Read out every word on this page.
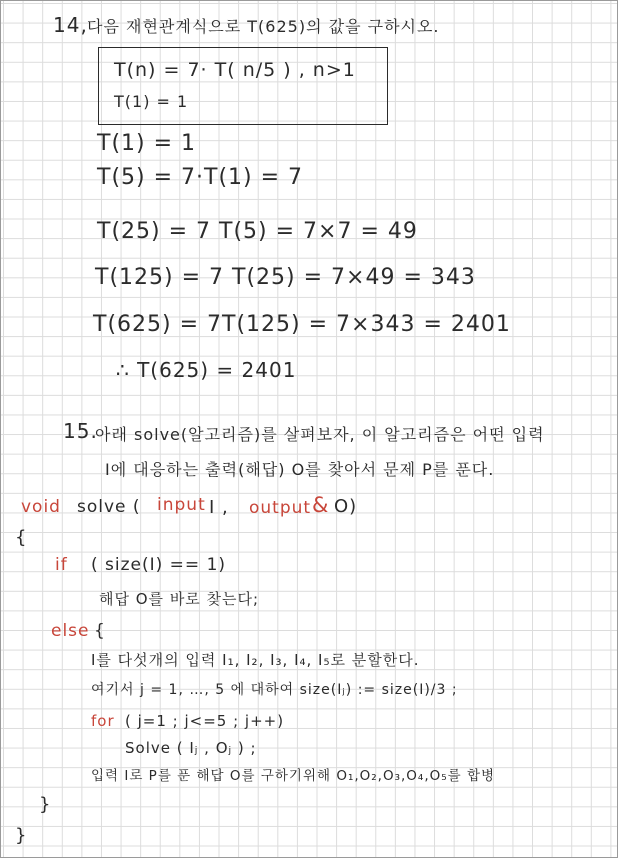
14, 다음 재현관계식으로 T(625)의 값을 구하시오.
T(n) = 7· T( n/5 ) , n>1
T(1) = 1
T(1) = 1
T(5) = 7·T(1) = 7
T(25) = 7 T(5) = 7×7 = 49
T(125) = 7 T(25) = 7×49 = 343
T(625) = 7T(125) = 7×343 = 2401
∴ T(625) = 2401
15.
아래 solve(알고리즘)를 살펴보자, 이 알고리즘은 어떤 입력
I에 대응하는 출력(해답) O를 찾아서 문제 P를 푼다.
void solve ( input I , output & O)
{
if ( size(I) == 1)
해답 O를 바로 찾는다;
else {
I를 다섯개의 입력 I₁, I₂, I₃, I₄, I₅로 분할한다.
여기서 j = 1, …, 5 에 대하여 size(Iⱼ) := size(I)/3 ;
for ( j=1 ; j<=5 ; j++)
Solve ( Iⱼ , Oⱼ ) ;
입력 I로 P를 푼 해답 O를 구하기위해 O₁,O₂,O₃,O₄,O₅를 합병
}
}
